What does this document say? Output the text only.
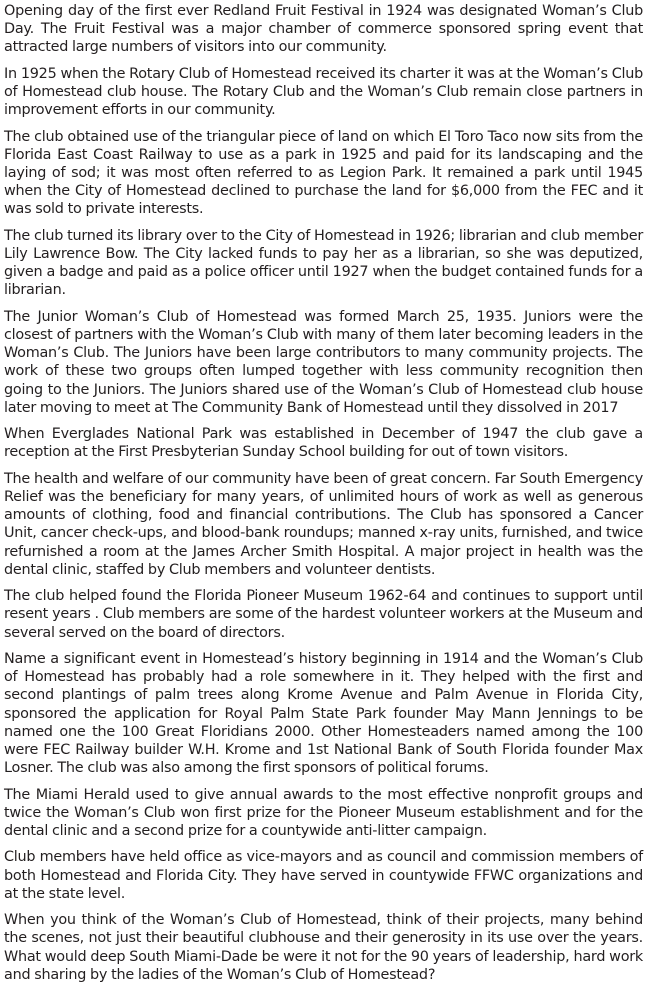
Opening day of the first ever Redland Fruit Festival in 1924 was designated Woman’s Club Day. The Fruit Festival was a major chamber of commerce sponsored spring event that attracted large numbers of visitors into our community.

In 1925 when the Rotary Club of Homestead received its charter it was at the Woman’s Club of Homestead club house. The Rotary Club and the Woman’s Club remain close partners in improvement efforts in our community.

The club obtained use of the triangular piece of land on which El Toro Taco now sits from the Florida East Coast Railway to use as a park in 1925 and paid for its landscaping and the laying of sod; it was most often referred to as Legion Park. It remained a park until 1945 when the City of Homestead declined to purchase the land for $6,000 from the FEC and it was sold to private interests.

The club turned its library over to the City of Homestead in 1926; librarian and club member Lily Lawrence Bow. The City lacked funds to pay her as a librarian, so she was deputized, given a badge and paid as a police officer until 1927 when the budget contained funds for a librarian.

The Junior Woman’s Club of Homestead was formed March 25, 1935. Juniors were the closest of partners with the Woman’s Club with many of them later becoming leaders in the Woman’s Club. The Juniors have been large contributors to many community projects. The work of these two groups often lumped together with less community recognition then going to the Juniors. The Juniors shared use of the Woman’s Club of Homestead club house later moving to meet at The Community Bank of Homestead until they dissolved in 2017

When Everglades National Park was established in December of 1947 the club gave a reception at the First Presbyterian Sunday School building for out of town visitors.

The health and welfare of our community have been of great concern. Far South Emergency Relief was the beneficiary for many years, of unlimited hours of work as well as generous amounts of clothing, food and financial contributions. The Club has sponsored a Cancer Unit, cancer check-ups, and blood-bank roundups; manned x-ray units, furnished, and twice refurnished a room at the James Archer Smith Hospital. A major project in health was the dental clinic, staffed by Club members and volunteer dentists.

The club helped found the Florida Pioneer Museum 1962-64 and continues to support until resent years . Club members are some of the hardest volunteer workers at the Museum and several served on the board of directors.

Name a significant event in Homestead’s history beginning in 1914 and the Woman’s Club of Homestead has probably had a role somewhere in it. They helped with the first and second plantings of palm trees along Krome Avenue and Palm Avenue in Florida City, sponsored the application for Royal Palm State Park founder May Mann Jennings to be named one the 100 Great Floridians 2000. Other Homesteaders named among the 100 were FEC Railway builder W.H. Krome and 1st National Bank of South Florida founder Max Losner. The club was also among the first sponsors of political forums.

The Miami Herald used to give annual awards to the most effective nonprofit groups and twice the Woman’s Club won first prize for the Pioneer Museum establishment and for the dental clinic and a second prize for a countywide anti-litter campaign.

Club members have held office as vice-mayors and as council and commission members of both Homestead and Florida City. They have served in countywide FFWC organizations and at the state level.

When you think of the Woman’s Club of Homestead, think of their projects, many behind the scenes, not just their beautiful clubhouse and their generosity in its use over the years. What would deep South Miami-Dade be were it not for the 90 years of leadership, hard work and sharing by the ladies of the Woman’s Club of Homestead?
